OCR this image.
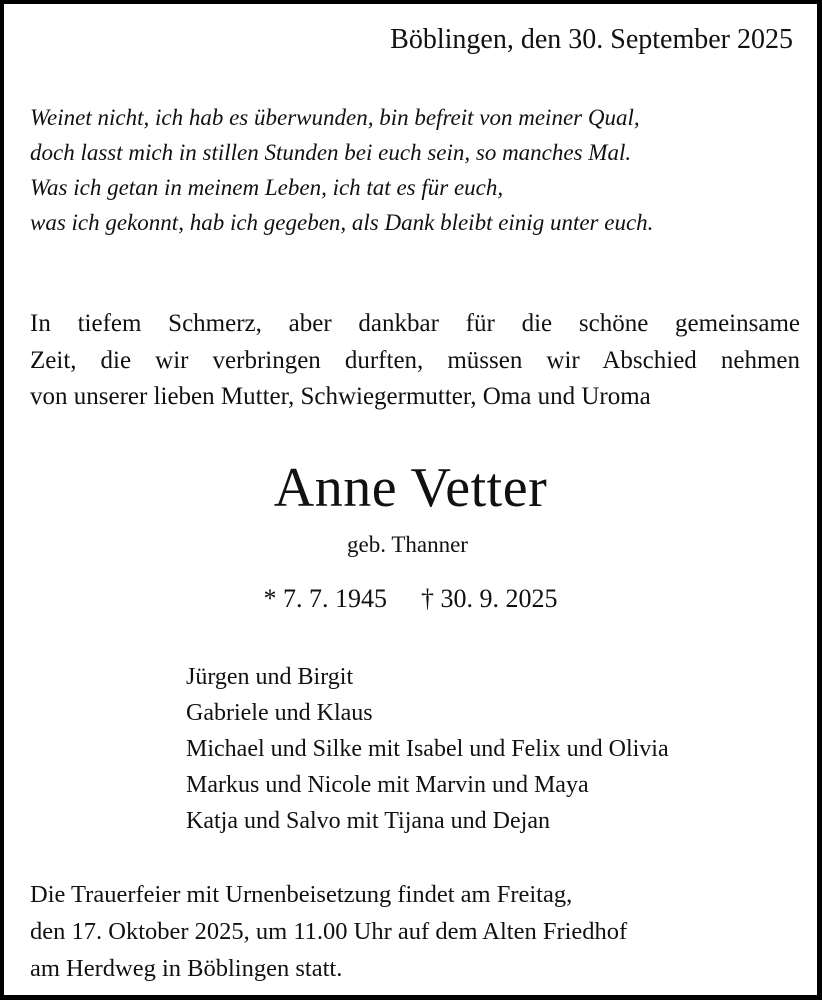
Böblingen, den 30. September 2025
Weinet nicht, ich hab es überwunden, bin befreit von meiner Qual,
doch lasst mich in stillen Stunden bei euch sein, so manches Mal.
Was ich getan in meinem Leben, ich tat es für euch,
was ich gekonnt, hab ich gegeben, als Dank bleibt einig unter euch.
In tiefem Schmerz, aber dankbar für die schöne gemeinsame
Zeit, die wir verbringen durften, müssen wir Abschied nehmen
von unserer lieben Mutter, Schwiegermutter, Oma und Uroma
Anne Vetter
geb. Thanner
* 7. 7. 1945 † 30. 9. 2025
Jürgen und Birgit
Gabriele und Klaus
Michael und Silke mit Isabel und Felix und Olivia
Markus und Nicole mit Marvin und Maya
Katja und Salvo mit Tijana und Dejan
Die Trauerfeier mit Urnenbeisetzung findet am Freitag,
den 17. Oktober 2025, um 11.00 Uhr auf dem Alten Friedhof
am Herdweg in Böblingen statt.
